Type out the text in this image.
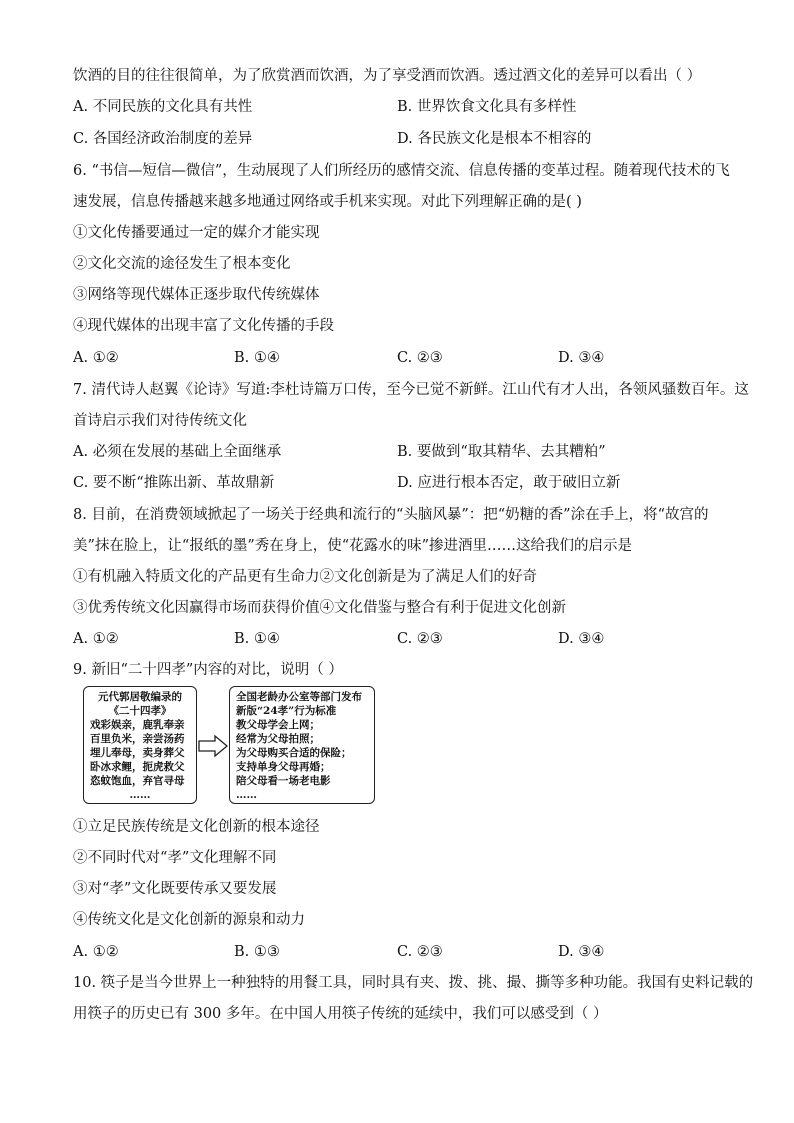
饮酒的目的往往很简单，为了欣赏酒而饮酒，为了享受酒而饮酒。透过酒文化的差异可以看出（ ）
A. 不同民族的文化具有共性	B. 世界饮食文化具有多样性
C. 各国经济政治制度的差异	D. 各民族文化是根本不相容的
6. “书信—短信—微信”，生动展现了人们所经历的感情交流、信息传播的变革过程。随着现代技术的飞
速发展，信息传播越来越多地通过网络或手机来实现。对此下列理解正确的是( )
①文化传播要通过一定的媒介才能实现
②文化交流的途径发生了根本变化
③网络等现代媒体正逐步取代传统媒体
④现代媒体的出现丰富了文化传播的手段
A. ①②	B. ①④	C. ②③	D. ③④
7. 清代诗人赵翼《论诗》写道:李杜诗篇万口传，至今已觉不新鲜。江山代有才人出，各领风骚数百年。这
首诗启示我们对待传统文化
A. 必须在发展的基础上全面继承	B. 要做到“取其精华、去其糟粕”
C. 要不断“推陈出新、革故鼎新	D. 应进行根本否定，敢于破旧立新
8. 目前，在消费领域掀起了一场关于经典和流行的“头脑风暴”：把“奶糖的香”涂在手上，将“故宫的
美”抹在脸上，让“报纸的墨”秀在身上，使“花露水的味”掺进酒里……这给我们的启示是
①有机融入特质文化的产品更有生命力②文化创新是为了满足人们的好奇
③优秀传统文化因赢得市场而获得价值④文化借鉴与整合有利于促进文化创新
A. ①②	B. ①④	C. ②③	D. ③④
9. 新旧“二十四孝”内容的对比，说明（ ）
元代郭居敬编录的
《二十四孝》
戏彩娱亲，鹿乳奉亲
百里负米，亲尝汤药
埋儿奉母，卖身葬父
卧冰求鲤，扼虎救父
恣蚊饱血，弃官寻母
……
全国老龄办公室等部门发布
新版“24孝”行为标准
教父母学会上网；
经常为父母拍照；
为父母购买合适的保险；
支持单身父母再婚；
陪父母看一场老电影
……
①立足民族传统是文化创新的根本途径
②不同时代对“孝”文化理解不同
③对“孝”文化既要传承又要发展
④传统文化是文化创新的源泉和动力
A. ①②	B. ①③	C. ②③	D. ③④
10. 筷子是当今世界上一种独特的用餐工具，同时具有夹、拨、挑、撮、撕等多种功能。我国有史料记载的
用筷子的历史已有 300 多年。在中国人用筷子传统的延续中，我们可以感受到（ ）
